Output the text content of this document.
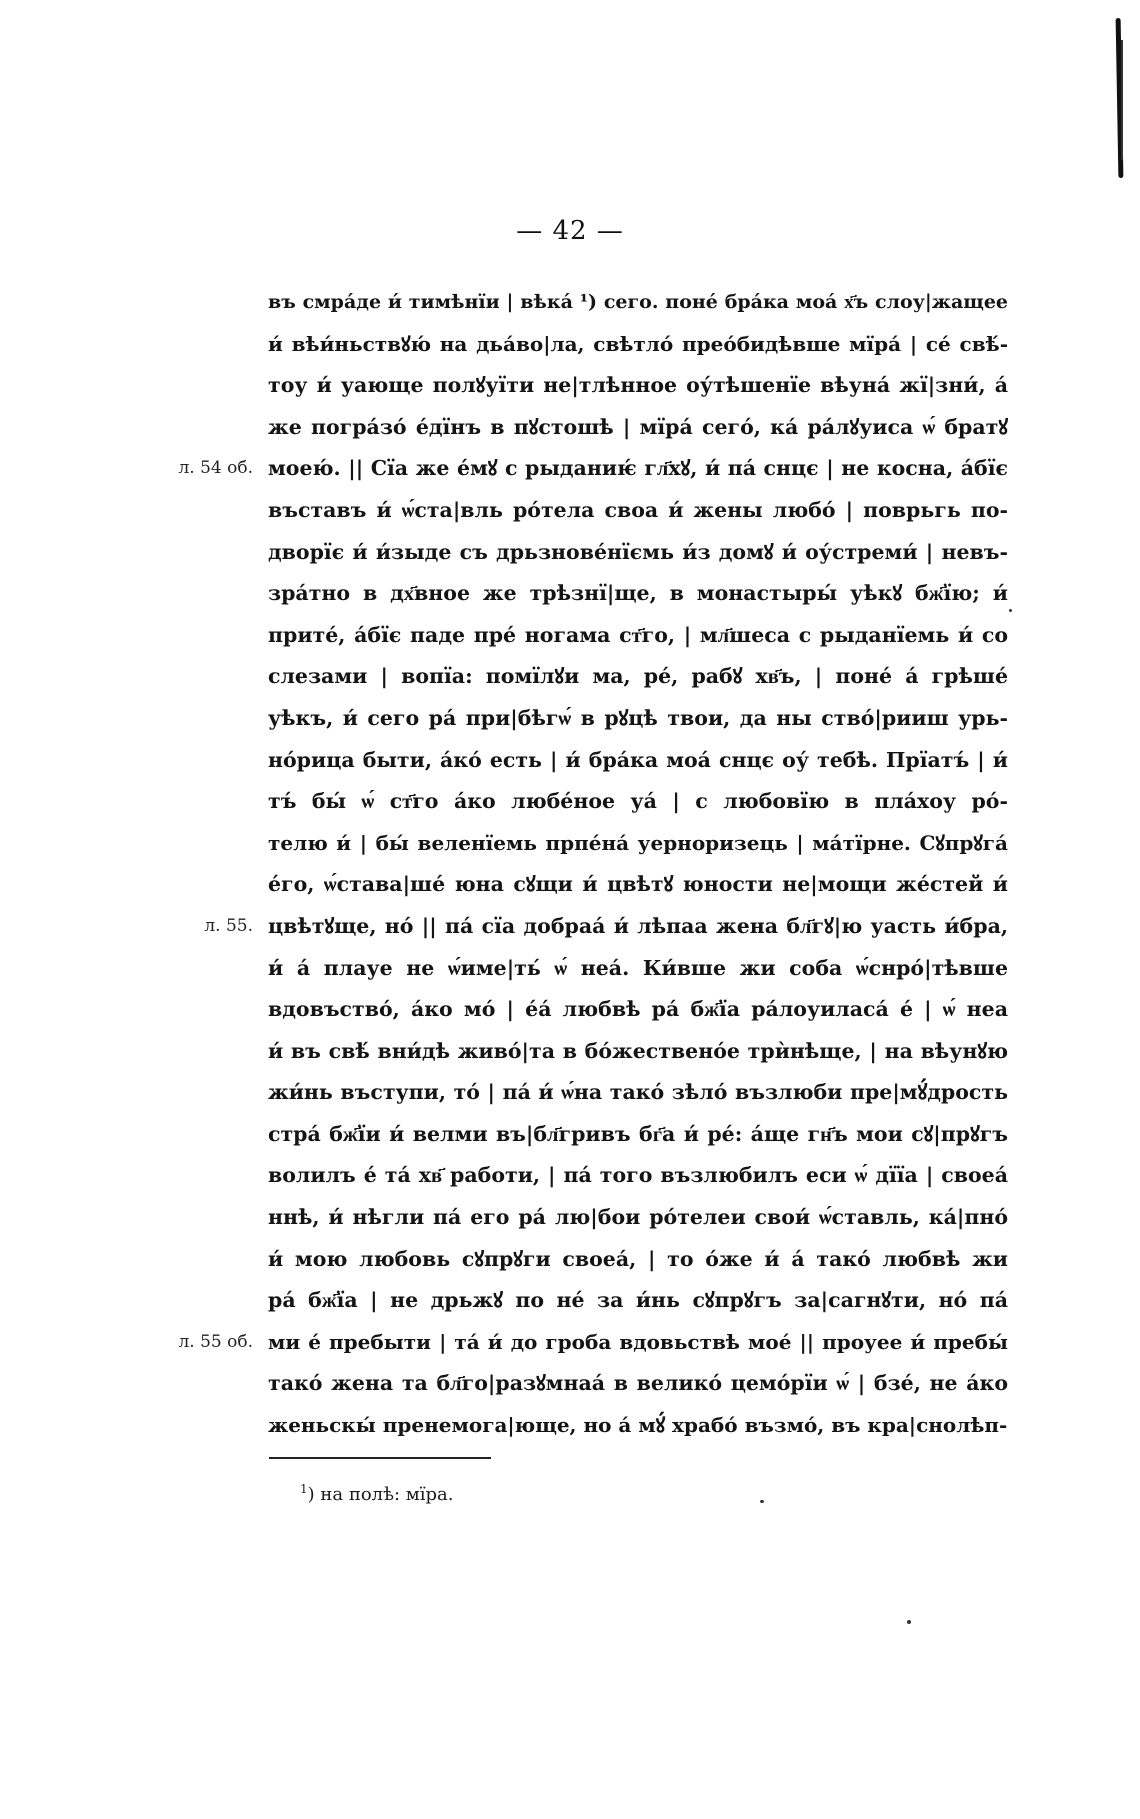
— 42 —
въ смра́де и́ тимѣнїи | вѣка́ ¹) сего. поне́ бра́ка моа́ х҃ъ слоу|жащее
и́ вѣи́ньствꙋю́ на дьа́во|ла, свѣтло́ прео́бидѣвше мїра́ | се́ свѣ́-
тоу и́ уающе полꙋуїти не|тлѣнное оу́тѣшенїе вѣуна́ жї|зни́, а́
же погра́зо́ е́дїнъ в пꙋстошѣ | мїра́ сего́, ка́ ра́лꙋуиса ѡ́ братꙋ
моею́. || Сїа же е́мꙋ с рыданиѥ́ гл҃хꙋ, и́ па́ снцє | не косна, а́бїє
л. 54 об.
въставъ и́ ѡ́ста|вль ро́тела своа и́ жены любо́ | поврьгь по-
дворїє и́ и́зыде съ дрьзнове́нїємь и́з домꙋ и́ оу́стреми́ | невъ-
зра́тно в дх҃вное же трѣзнї|ще, в монастыры́ уѣкꙋ бж҃їю; и́
прите́, а́бїє паде пре́ ногама ст҃го, | мл҃шеса с рыданїемь и́ со
слезами | вопїа: помїлꙋи ма, ре́, рабꙋ хв҃ъ, | поне́ а́ грѣше́
уѣкъ, и́ сего ра́ при|бѣгѡ́ в рꙋцѣ твои, да ны ство́|рииш урь-
но́рица быти, а́ко́ есть | и́ бра́ка моа́ снцє оу́ тебѣ. Прїатъ́ | и́
тъ́ бы́ ѡ́ ст҃го а́ко любе́ное уа́ | с любовїю в пла́хоу ро́-
телю и́ | бы́ веленїемь прпе́на́ уерноризець | ма́тїрне. Сꙋпрꙋга́
е́го, ѡ́става|ше́ юна сꙋщи и́ цвѣтꙋ юности не|мощи же́стей и́
цвѣтꙋще, но́ || па́ сїа добраа́ и́ лѣпаа жена бл҃гꙋ|ю уасть и́бра,
л. 55.
и́ а́ плауе не ѡ́име|ть́ ѡ́ неа́. Ки́вше жи соба ѡ́снро́|тѣвше
вдовъство́, а́ко мо́ | е́а́ любвѣ ра́ бж҃їа ра́лоуиласа́ е́ | ѡ́ неа
и́ въ свѣ́ вни́дѣ живо́|та в бо́жествено́е трѝнѣще, | на вѣунꙋю
жи́нь въступи, то́ | па́ и́ ѡ́на тако́ зѣло́ възлюби пре|мꙋ́дрость
стра́ бж҃їи и́ велми въ|бл҃гривъ бг҃а и́ ре́: а́ще гн҃ъ мои сꙋ|прꙋгъ
волилъ е́ та́ хв҃ работи, | па́ того възлюбилъ еси ѡ́ дїїа | своеа́
ннѣ, и́ нѣгли па́ его ра́ лю|бои ро́телеи свои́ ѡ́ставль, ка́|пно́
и́ мою любовь сꙋпрꙋги своеа́, | то о́же и́ а́ тако́ любвѣ жи
ра́ бж҃їа | не дрьжꙋ по не́ за и́нь сꙋпрꙋгъ за|сагнꙋти, но́ па́
ми е́ пребыти | та́ и́ до гроба вдовьствѣ мое́ || проуее и́ пребы́
л. 55 об.
тако́ жена та бл҃го|разꙋмнаа́ в велико́ цемо́рїи ѡ́ | бзе́, не а́ко
женьскы́ пренемога|юще, но а́ мꙋ́ храбо́ възмо́, въ кра|снолѣп-
$^1$) на полѣ: мїра.
